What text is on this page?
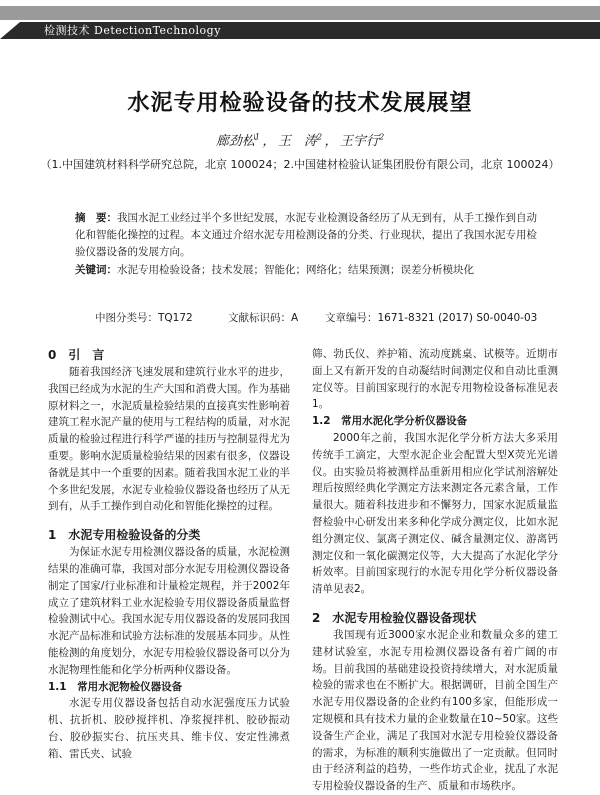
检测技术 DetectionTechnology
水泥专用检验设备的技术发展展望
廊劲松$^1$ ， 王　涛$^2$ ， 王宇行$^2$
（1.中国建筑材料科学研究总院，北京 100024；2.中国建材检验认证集团股份有限公司，北京 100024）
摘　要：我国水泥工业经过半个多世纪发展，水泥专业检测设备经历了从无到有，从手工操作到自动化和智能化操控的过程。本文通过介绍水泥专用检测设备的分类、行业现状，提出了我国水泥专用检验仪器设备的发展方向。
关键词：水泥专用检验设备；技术发展；智能化；网络化；结果预测；误差分析模块化
中图分类号：TQ172	文献标识码：A	文章编号：1671-8321 (2017) S0-0040-03
0　引　言

随着我国经济飞速发展和建筑行业水平的进步，我国已经成为水泥的生产大国和消费大国。作为基础原材料之一，水泥质量检验结果的直接真实性影响着建筑工程水泥产量的使用与工程结构的质量，对水泥质量的检验过程进行科学严谨的挂历与控制显得尤为重要。影响水泥质量检验结果的因素有很多，仪器设备就是其中一个重要的因素。随着我国水泥工业的半个多世纪发展，水泥专业检验仪器设备也经历了从无到有，从手工操作到自动化和智能化操控的过程。

1　水泥专用检验设备的分类

为保证水泥专用检测仪器设备的质量，水泥检测结果的准确可靠，我国对部分水泥专用检测仪器设备制定了国家/行业标准和计量检定规程，并于2002年成立了建筑材料工业水泥检验专用仪器设备质量监督检验测试中心。我国水泥专用仪器设备的发展同我国水泥产品标准和试验方法标准的发展基本同步。从性能检测的角度划分，水泥专用检验仪器设备可以分为水泥物理性能和化学分析两种仪器设备。

1.1　常用水泥物检仪器设备

水泥专用仪器设备包括自动水泥强度压力试验机、抗折机、胶砂搅拌机、净浆搅拌机、胶砂振动台、胶砂振实台、抗压夹具、维卡仪、安定性沸煮箱、雷氏夹、试验

筛、勃氏仪、养护箱、流动度跳桌、试模等。近期市面上又有新开发的自动凝结时间测定仪和自动比重测定仪等。目前国家现行的水泥专用物检设备标准见表1。

1.2　常用水泥化学分析仪器设备

2000年之前，我国水泥化学分析方法大多采用传统手工滴定，大型水泥企业会配置大型X荧光光谱仪。由实验员将被测样品重新用相应化学试剂溶解处理后按照经典化学测定方法来测定各元素含量，工作量很大。随着科技进步和不懈努力，国家水泥质量监督检验中心研发出来多种化学成分测定仪，比如水泥组分测定仪、氯离子测定仪、碱含量测定仪、游离钙测定仪和一氧化碳测定仪等，大大提高了水泥化学分析效率。目前国家现行的水泥专用化学分析仪器设备清单见表2。

2　水泥专用检验仪器设备现状

我国现有近3000家水泥企业和数量众多的建工建材试验室，水泥专用检测仪器设备有着广阔的市场。目前我国的基础建设投资持续增大，对水泥质量检验的需求也在不断扩大。根据调研，目前全国生产水泥专用仪器设备的企业约有100多家，但能形成一定规模和具有技术力量的企业数量在10~50家。这些设备生产企业，满足了我国对水泥专用检验仪器设备的需求，为标准的顺利实施做出了一定贡献。但同时由于经济利益的趋势，一些作坊式企业，扰乱了水泥专用检验仪器设备的生产、质量和市场秩序。
